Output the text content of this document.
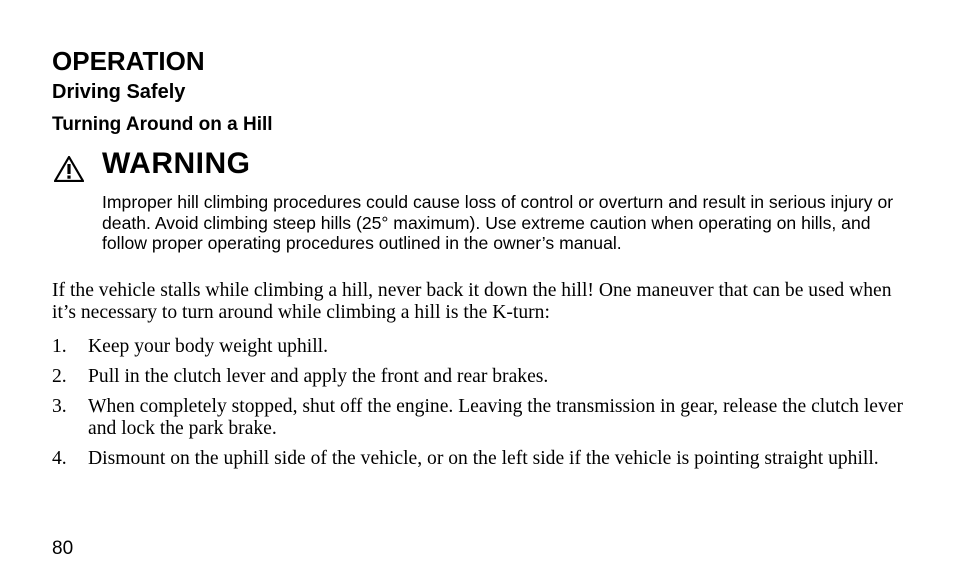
OPERATION
Driving Safely
Turning Around on a Hill
WARNING
Improper hill climbing procedures could cause loss of control or overturn and result in serious injury or death. Avoid climbing steep hills (25° maximum). Use extreme caution when operating on hills, and follow proper operating procedures outlined in the owner’s manual.
If the vehicle stalls while climbing a hill, never back it down the hill! One maneuver that can be used when it’s necessary to turn around while climbing a hill is the K-turn:
1.	Keep your body weight uphill.
2.	Pull in the clutch lever and apply the front and rear brakes.
3.	When completely stopped, shut off the engine. Leaving the transmission in gear, release the clutch lever and lock the park brake.
4.	Dismount on the uphill side of the vehicle, or on the left side if the vehicle is pointing straight uphill.
80
